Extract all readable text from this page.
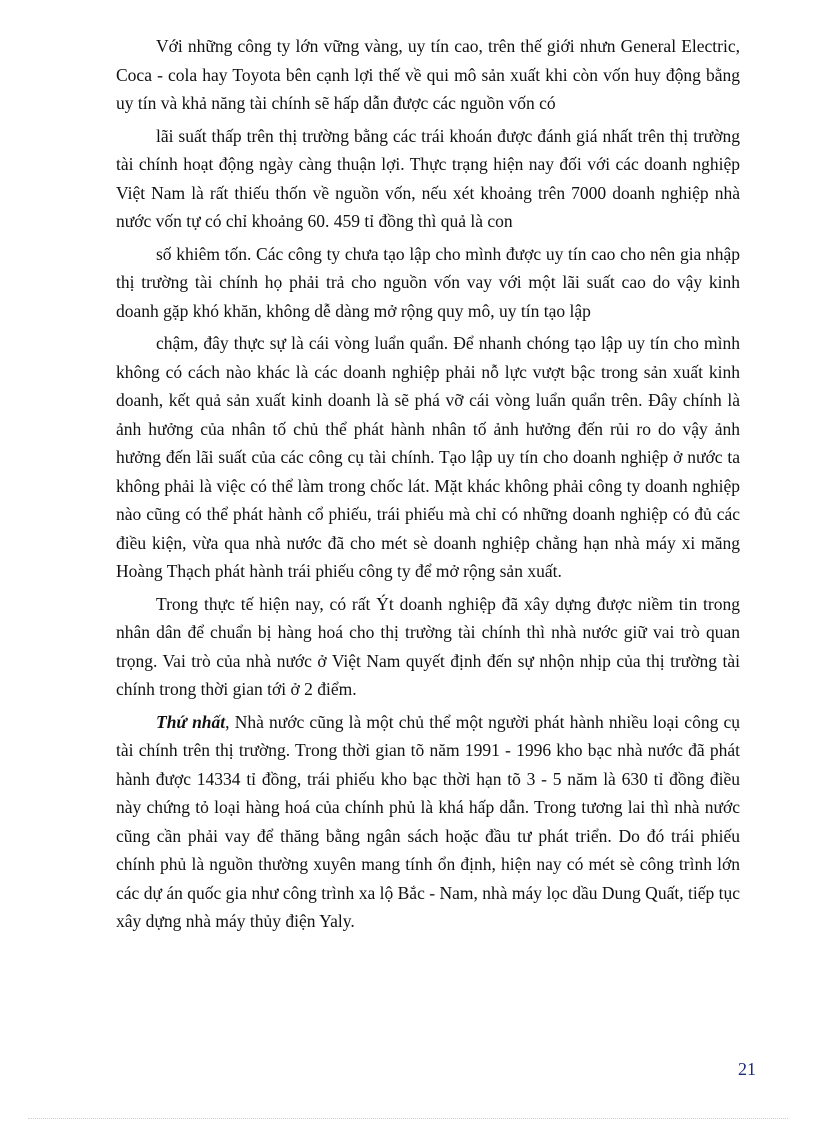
Với những công ty lớn vững vàng, uy tín cao, trên thế giới nhưn General Electric, Coca - cola hay Toyota bên cạnh lợi thế về qui mô sản xuất khi còn vốn huy động bằng uy tín và khả năng tài chính sẽ hấp dẫn được các nguồn vốn có

lãi suất thấp trên thị trường bằng các trái khoán được đánh giá nhất trên thị trường tài chính hoạt động ngày càng thuận lợi. Thực trạng hiện nay đối với các doanh nghiệp Việt Nam là rất thiếu thốn về nguồn vốn, nếu xét khoảng trên 7000 doanh nghiệp nhà nước vốn tự có chỉ khoảng 60. 459 tỉ đồng thì quả là con

số khiêm tốn. Các công ty chưa tạo lập cho mình được uy tín cao cho nên gia nhập thị trường tài chính họ phải trả cho nguồn vốn vay với một lãi suất cao do vậy kinh doanh gặp khó khăn, không dễ dàng mở rộng quy mô, uy tín tạo lập

chậm, đây thực sự là cái vòng luẩn quẩn. Để nhanh chóng tạo lập uy tín cho mình không có cách nào khác là các doanh nghiệp phải nỗ lực vượt bậc trong sản xuất kinh doanh, kết quả sản xuất kinh doanh là sẽ phá vỡ cái vòng luẩn quẩn trên. Đây chính là ảnh hưởng của nhân tố chủ thể phát hành nhân tố ảnh hưởng đến rủi ro do vậy ảnh hưởng đến lãi suất của các công cụ tài chính. Tạo lập uy tín cho doanh nghiệp ở nước ta không phải là việc có thể làm trong chốc lát. Mặt khác không phải công ty doanh nghiệp nào cũng có thể phát hành cổ phiếu, trái phiếu mà chỉ có những doanh nghiệp có đủ các điều kiện, vừa qua nhà nước đã cho mét sè doanh nghiệp chẳng hạn nhà máy xi măng Hoàng Thạch phát hành trái phiếu công ty để mở rộng sản xuất.

Trong thực tế hiện nay, có rất Ýt doanh nghiệp đã xây dựng được niềm tin trong nhân dân để chuẩn bị hàng hoá cho thị trường tài chính thì nhà nước giữ vai trò quan trọng. Vai trò của nhà nước ở Việt Nam quyết định đến sự nhộn nhịp của thị trường tài chính trong thời gian tới ở 2 điểm.

Thứ nhất, Nhà nước cũng là một chủ thể một người phát hành nhiều loại công cụ tài chính trên thị trường. Trong thời gian tõ năm 1991 - 1996 kho bạc nhà nước đã phát hành được 14334 tỉ đồng, trái phiếu kho bạc thời hạn tõ 3 - 5 năm là 630 tỉ đồng điều này chứng tỏ loại hàng hoá của chính phủ là khá hấp dẫn. Trong tương lai thì nhà nước cũng cần phải vay để thăng bằng ngân sách hoặc đầu tư phát triển. Do đó trái phiếu chính phủ là nguồn thường xuyên mang tính ổn định, hiện nay có mét sè công trình lớn các dự án quốc gia như công trình xa lộ Bắc - Nam, nhà máy lọc dầu Dung Quất, tiếp tục xây dựng nhà máy thủy điện Yaly.

21
